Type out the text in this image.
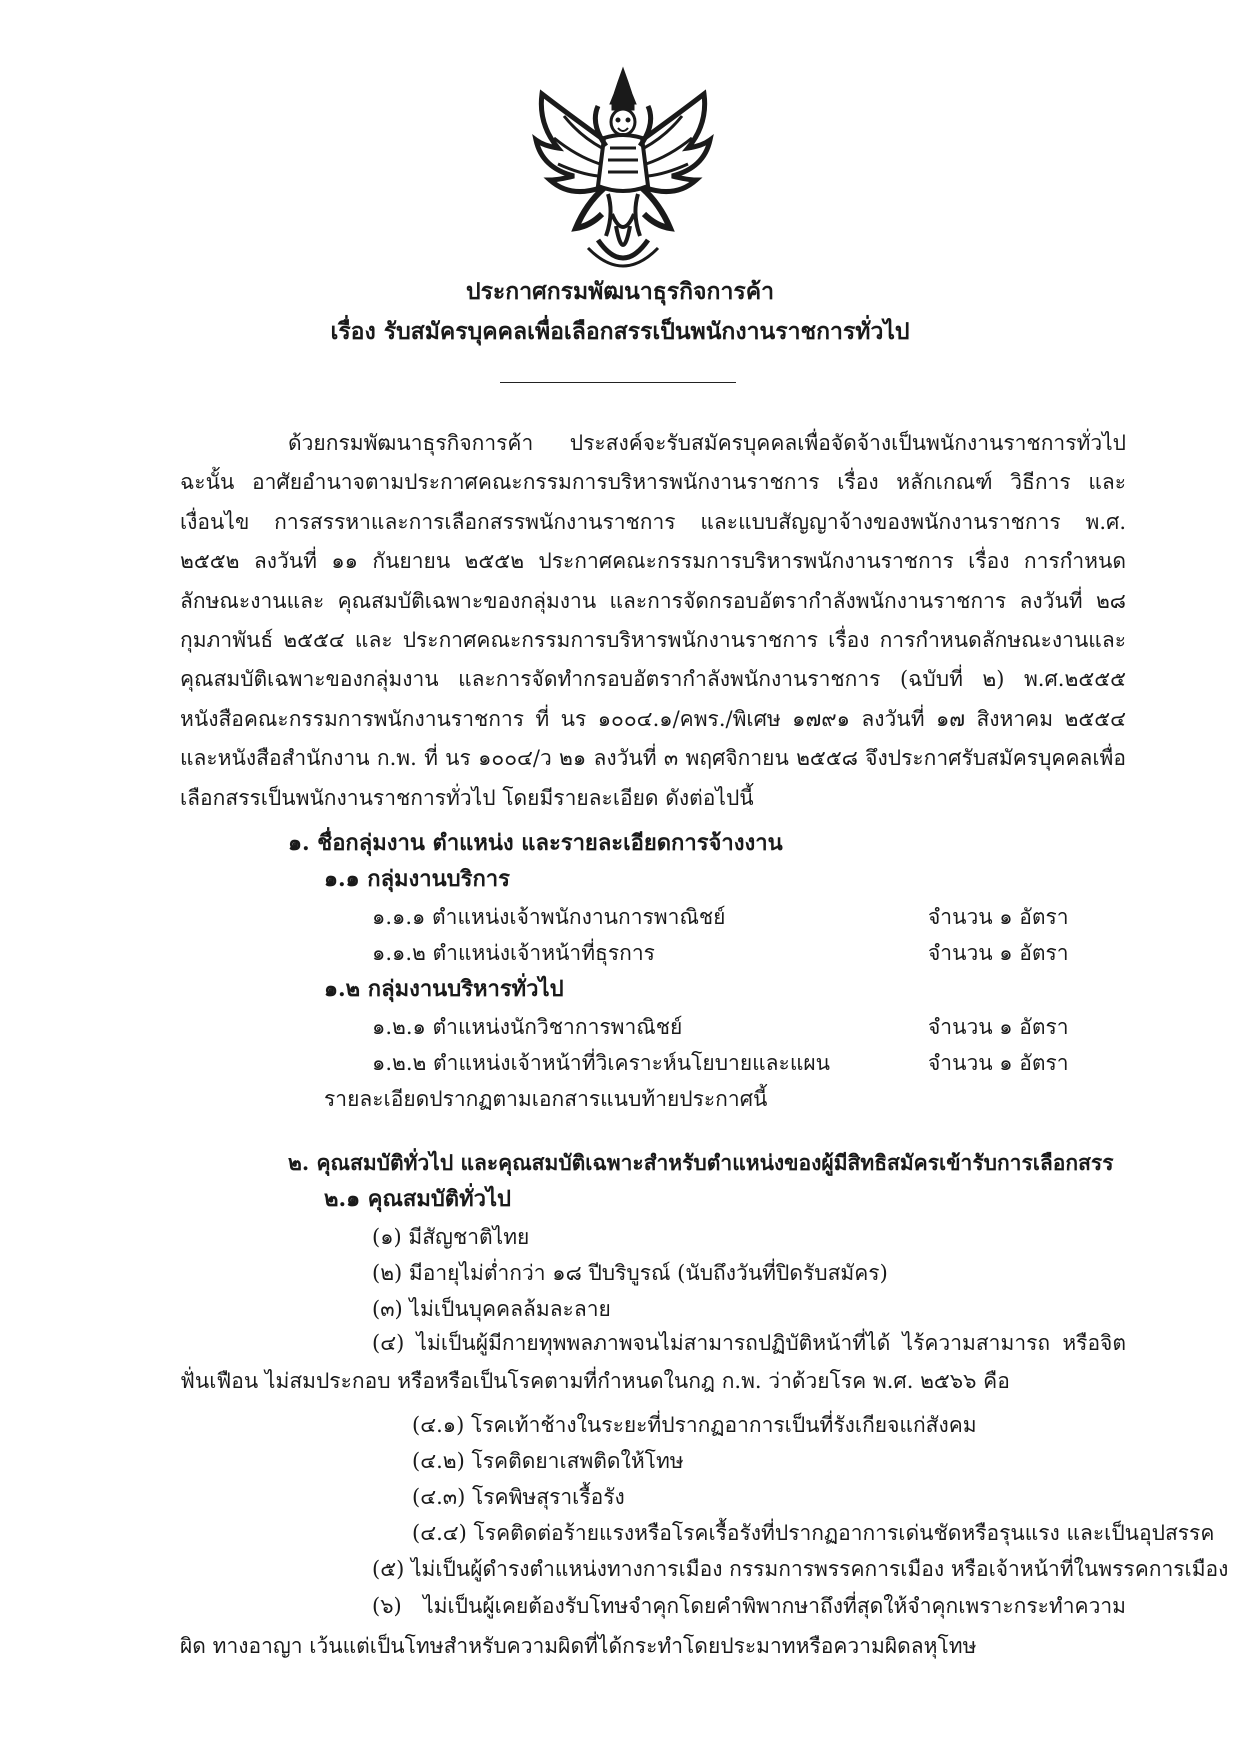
ประกาศกรมพัฒนาธุรกิจการค้า
เรื่อง รับสมัครบุคคลเพื่อเลือกสรรเป็นพนักงานราชการทั่วไป
ด้วยกรมพัฒนาธุรกิจการค้า ประสงค์จะรับสมัครบุคคลเพื่อจัดจ้างเป็นพนักงานราชการทั่วไป ฉะนั้น อาศัยอำนาจตามประกาศคณะกรรมการบริหารพนักงานราชการ เรื่อง หลักเกณฑ์ วิธีการ และเงื่อนไข การสรรหาและการเลือกสรรพนักงานราชการ และแบบสัญญาจ้างของพนักงานราชการ พ.ศ. ๒๕๕๒ ลงวันที่ ๑๑ กันยายน ๒๕๕๒ ประกาศคณะกรรมการบริหารพนักงานราชการ เรื่อง การกำหนดลักษณะงานและ คุณสมบัติเฉพาะของกลุ่มงาน และการจัดกรอบอัตรากำลังพนักงานราชการ ลงวันที่ ๒๘ กุมภาพันธ์ ๒๕๕๔ และ ประกาศคณะกรรมการบริหารพนักงานราชการ เรื่อง การกำหนดลักษณะงานและคุณสมบัติเฉพาะของกลุ่มงาน และการจัดทำกรอบอัตรากำลังพนักงานราชการ (ฉบับที่ ๒) พ.ศ.๒๕๕๕ หนังสือคณะกรรมการพนักงานราชการ ที่ นร ๑๐๐๔.๑/คพร./พิเศษ ๑๗๙๑ ลงวันที่ ๑๗ สิงหาคม ๒๕๕๔ และหนังสือสำนักงาน ก.พ. ที่ นร ๑๐๐๔/ว ๒๑ ลงวันที่ ๓ พฤศจิกายน ๒๕๕๘ จึงประกาศรับสมัครบุคคลเพื่อเลือกสรรเป็นพนักงานราชการทั่วไป โดยมีรายละเอียด ดังต่อไปนี้
๑. ชื่อกลุ่มงาน ตำแหน่ง และรายละเอียดการจ้างงาน
๑.๑ กลุ่มงานบริการ
๑.๑.๑ ตำแหน่งเจ้าพนักงานการพาณิชย์	จำนวน ๑ อัตรา
๑.๑.๒ ตำแหน่งเจ้าหน้าที่ธุรการ	จำนวน ๑ อัตรา
๑.๒ กลุ่มงานบริหารทั่วไป
๑.๒.๑ ตำแหน่งนักวิชาการพาณิชย์	จำนวน ๑ อัตรา
๑.๒.๒ ตำแหน่งเจ้าหน้าที่วิเคราะห์นโยบายและแผน	จำนวน ๑ อัตรา
รายละเอียดปรากฏตามเอกสารแนบท้ายประกาศนี้
๒. คุณสมบัติทั่วไป และคุณสมบัติเฉพาะสำหรับตำแหน่งของผู้มีสิทธิสมัครเข้ารับการเลือกสรร
๒.๑ คุณสมบัติทั่วไป
(๑) มีสัญชาติไทย
(๒) มีอายุไม่ต่ำกว่า ๑๘ ปีบริบูรณ์ (นับถึงวันที่ปิดรับสมัคร)
(๓) ไม่เป็นบุคคลล้มละลาย
(๔) ไม่เป็นผู้มีกายทุพพลภาพจนไม่สามารถปฏิบัติหน้าที่ได้ ไร้ความสามารถ หรือจิตฟั่นเฟือน ไม่สมประกอบ หรือหรือเป็นโรคตามที่กำหนดในกฎ ก.พ. ว่าด้วยโรค พ.ศ. ๒๕๖๖ คือ
(๔.๑) โรคเท้าช้างในระยะที่ปรากฏอาการเป็นที่รังเกียจแก่สังคม
(๔.๒) โรคติดยาเสพติดให้โทษ
(๔.๓) โรคพิษสุราเรื้อรัง
(๔.๔) โรคติดต่อร้ายแรงหรือโรคเรื้อรังที่ปรากฏอาการเด่นชัดหรือรุนแรง และเป็นอุปสรรค
(๕) ไม่เป็นผู้ดำรงตำแหน่งทางการเมือง กรรมการพรรคการเมือง หรือเจ้าหน้าที่ในพรรคการเมือง
(๖) ไม่เป็นผู้เคยต้องรับโทษจำคุกโดยคำพิพากษาถึงที่สุดให้จำคุกเพราะกระทำความผิด ทางอาญา เว้นแต่เป็นโทษสำหรับความผิดที่ได้กระทำโดยประมาทหรือความผิดลหุโทษ
